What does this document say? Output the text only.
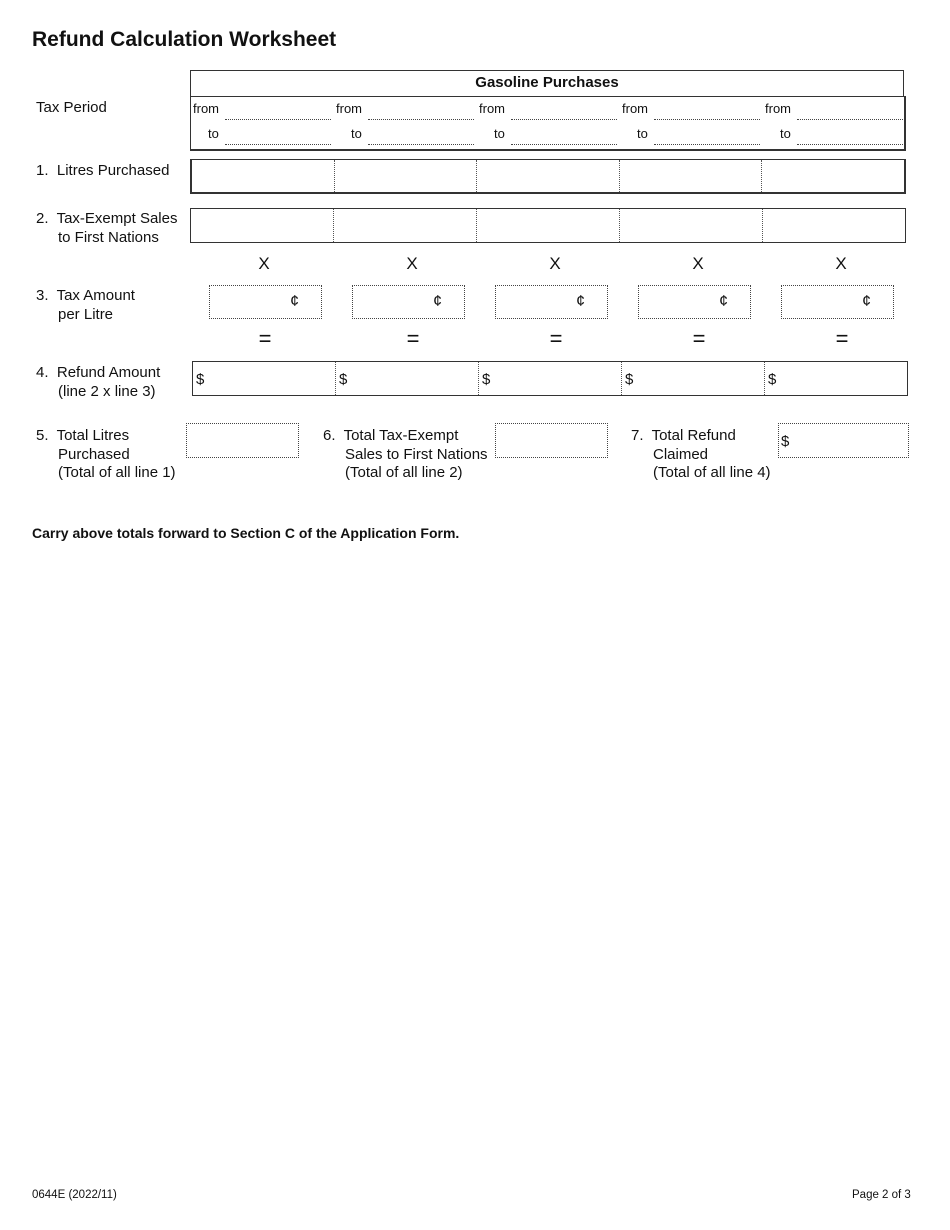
Refund Calculation Worksheet
Gasoline Purchases
Tax Period	from
to
from
to
from
to
from
to
from
to
1. Litres Purchased
2. Tax-Exempt Sales
to First Nations
X	X	X	X	X
3. Tax Amount
per Litre
¢	¢	¢	¢	¢
=	=	=	=	=
4. Refund Amount
(line 2 x line 3)
$	$	$	$	$
5. Total Litres
Purchased
(Total of all line 1)
6. Total Tax-Exempt
Sales to First Nations
(Total of all line 2)
7. Total Refund
Claimed
(Total of all line 4)
$
Carry above totals forward to Section C of the Application Form.
0644E (2022/11)	Page 2 of 3
